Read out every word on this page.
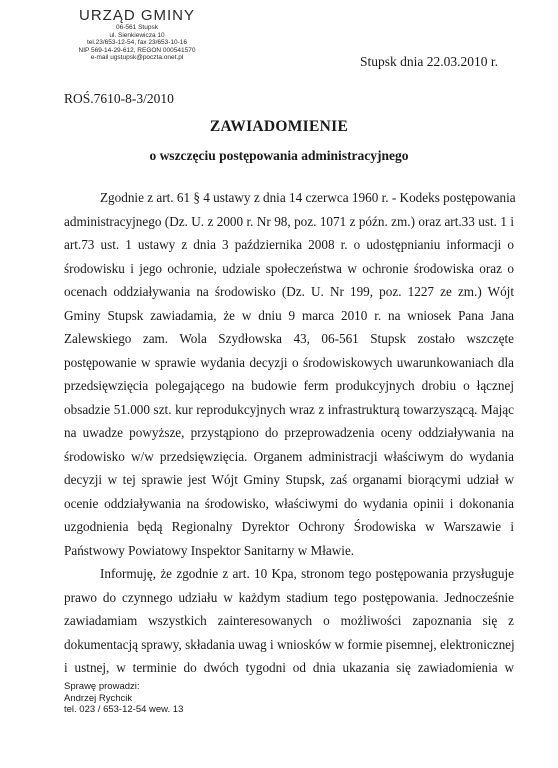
URZĄD GMINY
06-561 Stupsk
ul. Sienkiewicza 10
tel.23/653-12-54, fax 23/653-10-16
NIP 569-14-29-612, REGON 000541570
e-mail ugstupsk@poczta.onet.pl	Stupsk dnia 22.03.2010 r.
ROŚ.7610-8-3/2010
ZAWIADOMIENIE
o wszczęciu postępowania administracyjnego
Zgodnie z art. 61 § 4 ustawy z dnia 14 czerwca 1960 r. - Kodeks postępowania
administracyjnego (Dz. U. z 2000 r. Nr 98, poz. 1071 z późn. zm.) oraz art.33 ust. 1 i
art.73 ust. 1 ustawy z dnia 3 października 2008 r. o udostępnianiu informacji o
środowisku i jego ochronie, udziale społeczeństwa w ochronie środowiska oraz o
ocenach oddziaływania na środowisko (Dz. U. Nr 199, poz. 1227 ze zm.) Wójt
Gminy Stupsk zawiadamia, że w dniu 9 marca 2010 r. na wniosek Pana Jana
Zalewskiego zam. Wola Szydłowska 43, 06-561 Stupsk zostało wszczęte
postępowanie w sprawie wydania decyzji o środowiskowych uwarunkowaniach dla
przedsięwzięcia polegającego na budowie ferm produkcyjnych drobiu o łącznej
obsadzie 51.000 szt. kur reprodukcyjnych wraz z infrastrukturą towarzyszącą. Mając
na uwadze powyższe, przystąpiono do przeprowadzenia oceny oddziaływania na
środowisko w/w przedsięwzięcia. Organem administracji właściwym do wydania
decyzji w tej sprawie jest Wójt Gminy Stupsk, zaś organami biorącymi udział w
ocenie oddziaływania na środowisko, właściwymi do wydania opinii i dokonania
uzgodnienia będą Regionalny Dyrektor Ochrony Środowiska w Warszawie i
Państwowy Powiatowy Inspektor Sanitarny w Mławie.
Informuję, że zgodnie z art. 10 Kpa, stronom tego postępowania przysługuje
prawo do czynnego udziału w każdym stadium tego postępowania. Jednocześnie
zawiadamiam wszystkich zainteresowanych o możliwości zapoznania się z
dokumentacją sprawy, składania uwag i wniosków w formie pisemnej, elektronicznej
i ustnej, w terminie do dwóch tygodni od dnia ukazania się zawiadomienia w
Sprawę prowadzi:
Andrzej Rychcik
tel. 023 / 653-12-54 wew. 13
